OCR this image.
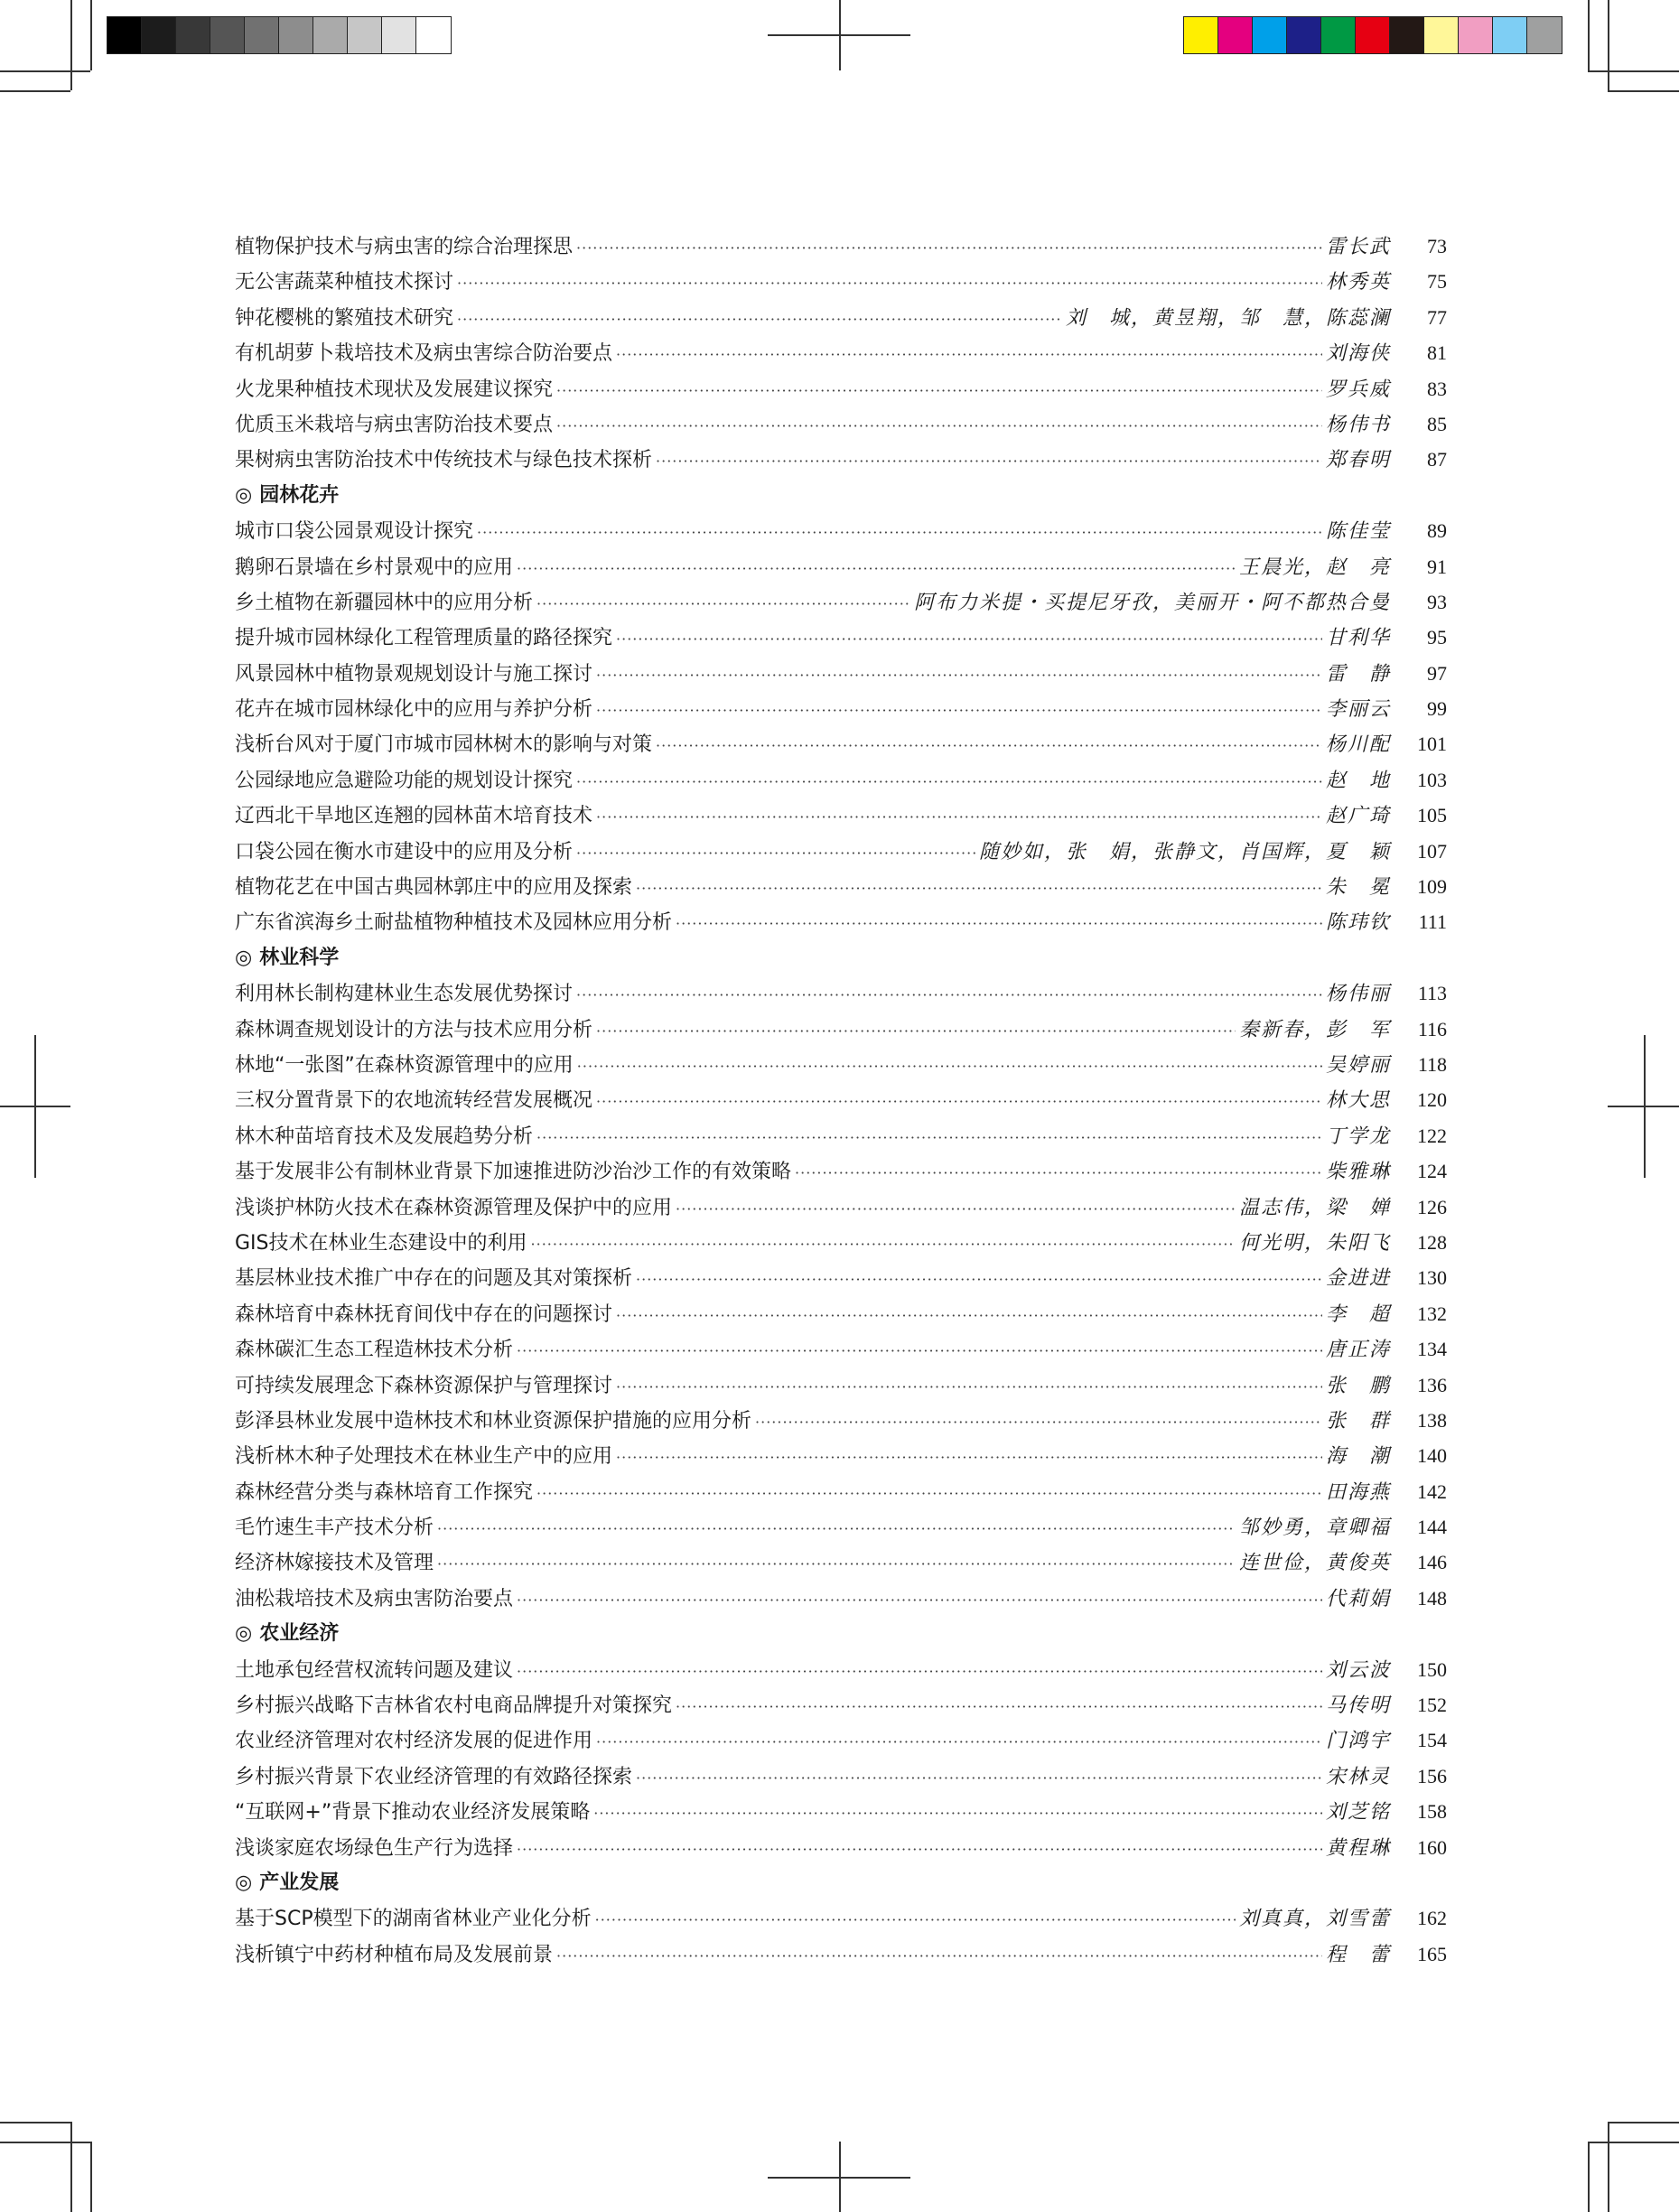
植物保护技术与病虫害的综合治理探思 ·····	雷长武	73
无公害蔬菜种植技术探讨 ·····	林秀英	75
钟花樱桃的繁殖技术研究 ·····	刘　城，黄昱翔，邹　慧，陈蕊澜	77
有机胡萝卜栽培技术及病虫害综合防治要点 ·····	刘海侠	81
火龙果种植技术现状及发展建议探究 ·····	罗兵威	83
优质玉米栽培与病虫害防治技术要点 ·····	杨伟书	85
果树病虫害防治技术中传统技术与绿色技术探析 ·····	郑春明	87
◎ 园林花卉
城市口袋公园景观设计探究 ·····	陈佳莹	89
鹅卵石景墙在乡村景观中的应用 ·····	王晨光，赵　亮	91
乡土植物在新疆园林中的应用分析 ·····	阿布力米提・买提尼牙孜，美丽开・阿不都热合曼	93
提升城市园林绿化工程管理质量的路径探究 ·····	甘利华	95
风景园林中植物景观规划设计与施工探讨 ·····	雷　静	97
花卉在城市园林绿化中的应用与养护分析 ·····	李丽云	99
浅析台风对于厦门市城市园林树木的影响与对策 ·····	杨川配	101
公园绿地应急避险功能的规划设计探究 ·····	赵　地	103
辽西北干旱地区连翘的园林苗木培育技术 ·····	赵广琦	105
口袋公园在衡水市建设中的应用及分析 ·····	随妙如，张　娟，张静文，肖国辉，夏　颖	107
植物花艺在中国古典园林郭庄中的应用及探索 ·····	朱　冕	109
广东省滨海乡土耐盐植物种植技术及园林应用分析 ·····	陈玮钦	111
◎ 林业科学
利用林长制构建林业生态发展优势探讨 ·····	杨伟丽	113
森林调查规划设计的方法与技术应用分析 ·····	秦新春，彭　军	116
林地“一张图”在森林资源管理中的应用 ·····	吴婷丽	118
三权分置背景下的农地流转经营发展概况 ·····	林大思	120
林木种苗培育技术及发展趋势分析 ·····	丁学龙	122
基于发展非公有制林业背景下加速推进防沙治沙工作的有效策略 ·····	柴雅琳	124
浅谈护林防火技术在森林资源管理及保护中的应用 ·····	温志伟，梁　婵	126
GIS技术在林业生态建设中的利用 ·····	何光明，朱阳飞	128
基层林业技术推广中存在的问题及其对策探析 ·····	金进进	130
森林培育中森林抚育间伐中存在的问题探讨 ·····	李　超	132
森林碳汇生态工程造林技术分析 ·····	唐正涛	134
可持续发展理念下森林资源保护与管理探讨 ·····	张　鹏	136
彭泽县林业发展中造林技术和林业资源保护措施的应用分析 ·····	张　群	138
浅析林木种子处理技术在林业生产中的应用 ·····	海　潮	140
森林经营分类与森林培育工作探究 ·····	田海燕	142
毛竹速生丰产技术分析 ·····	邹妙勇，章卿福	144
经济林嫁接技术及管理 ·····	连世俭，黄俊英	146
油松栽培技术及病虫害防治要点 ·····	代莉娟	148
◎ 农业经济
土地承包经营权流转问题及建议 ·····	刘云波	150
乡村振兴战略下吉林省农村电商品牌提升对策探究 ·····	马传明	152
农业经济管理对农村经济发展的促进作用 ·····	门鸿宇	154
乡村振兴背景下农业经济管理的有效路径探索 ·····	宋林灵	156
“互联网+”背景下推动农业经济发展策略 ·····	刘芝铭	158
浅谈家庭农场绿色生产行为选择 ·····	黄程琳	160
◎ 产业发展
基于SCP模型下的湖南省林业产业化分析 ·····	刘真真，刘雪蕾	162
浅析镇宁中药材种植布局及发展前景 ·····	程　蕾	165
